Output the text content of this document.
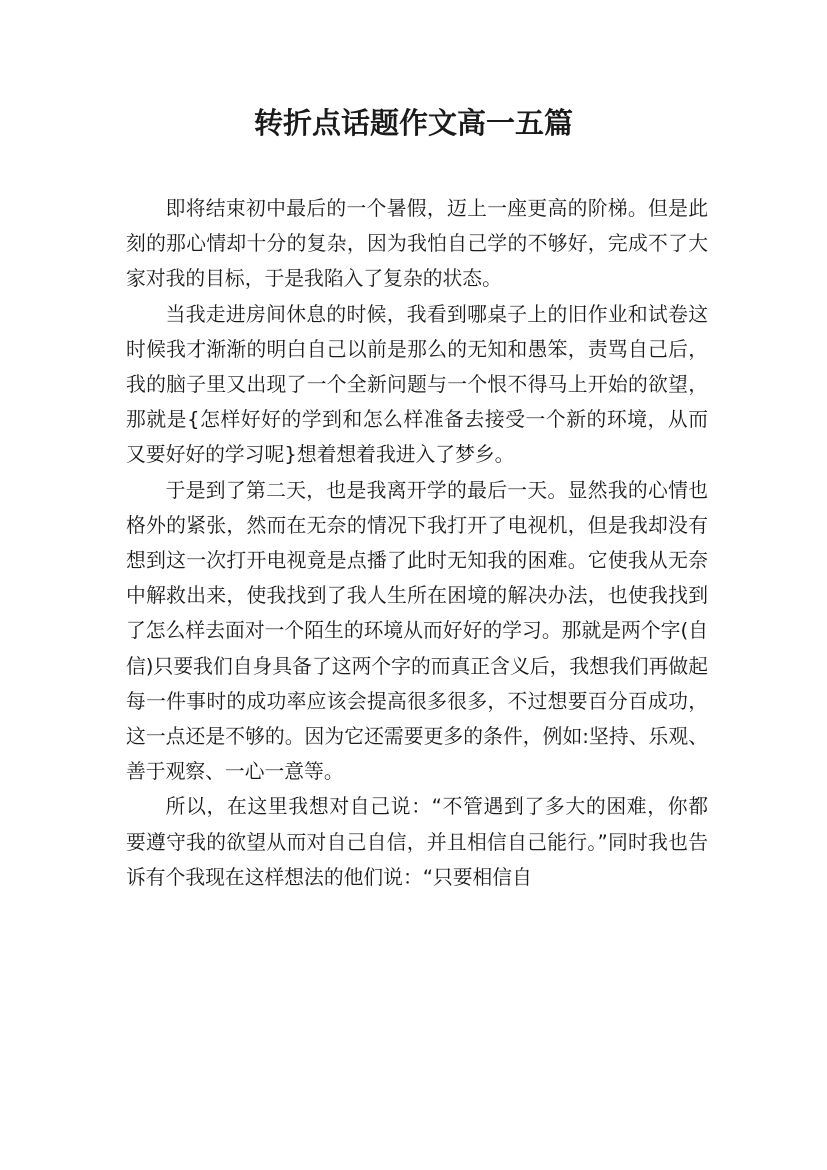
转折点话题作文高一五篇

即将结束初中最后的一个暑假，迈上一座更高的阶梯。但是此刻的那心情却十分的复杂，因为我怕自己学的不够好，完成不了大家对我的目标，于是我陷入了复杂的状态。

当我走进房间休息的时候，我看到哪桌子上的旧作业和试卷这时候我才渐渐的明白自己以前是那么的无知和愚笨，责骂自己后，我的脑子里又出现了一个全新问题与一个恨不得马上开始的欲望，那就是{怎样好好的学到和怎么样准备去接受一个新的环境，从而又要好好的学习呢}想着想着我进入了梦乡。

于是到了第二天，也是我离开学的最后一天。显然我的心情也格外的紧张，然而在无奈的情况下我打开了电视机，但是我却没有想到这一次打开电视竟是点播了此时无知我的困难。它使我从无奈中解救出来，使我找到了我人生所在困境的解决办法，也使我找到了怎么样去面对一个陌生的环境从而好好的学习。那就是两个字(自信)只要我们自身具备了这两个字的而真正含义后，我想我们再做起每一件事时的成功率应该会提高很多很多，不过想要百分百成功，这一点还是不够的。因为它还需要更多的条件，例如:坚持、乐观、善于观察、一心一意等。

所以，在这里我想对自己说：“不管遇到了多大的困难，你都要遵守我的欲望从而对自己自信，并且相信自己能行。”同时我也告诉有个我现在这样想法的他们说：“只要相信自
